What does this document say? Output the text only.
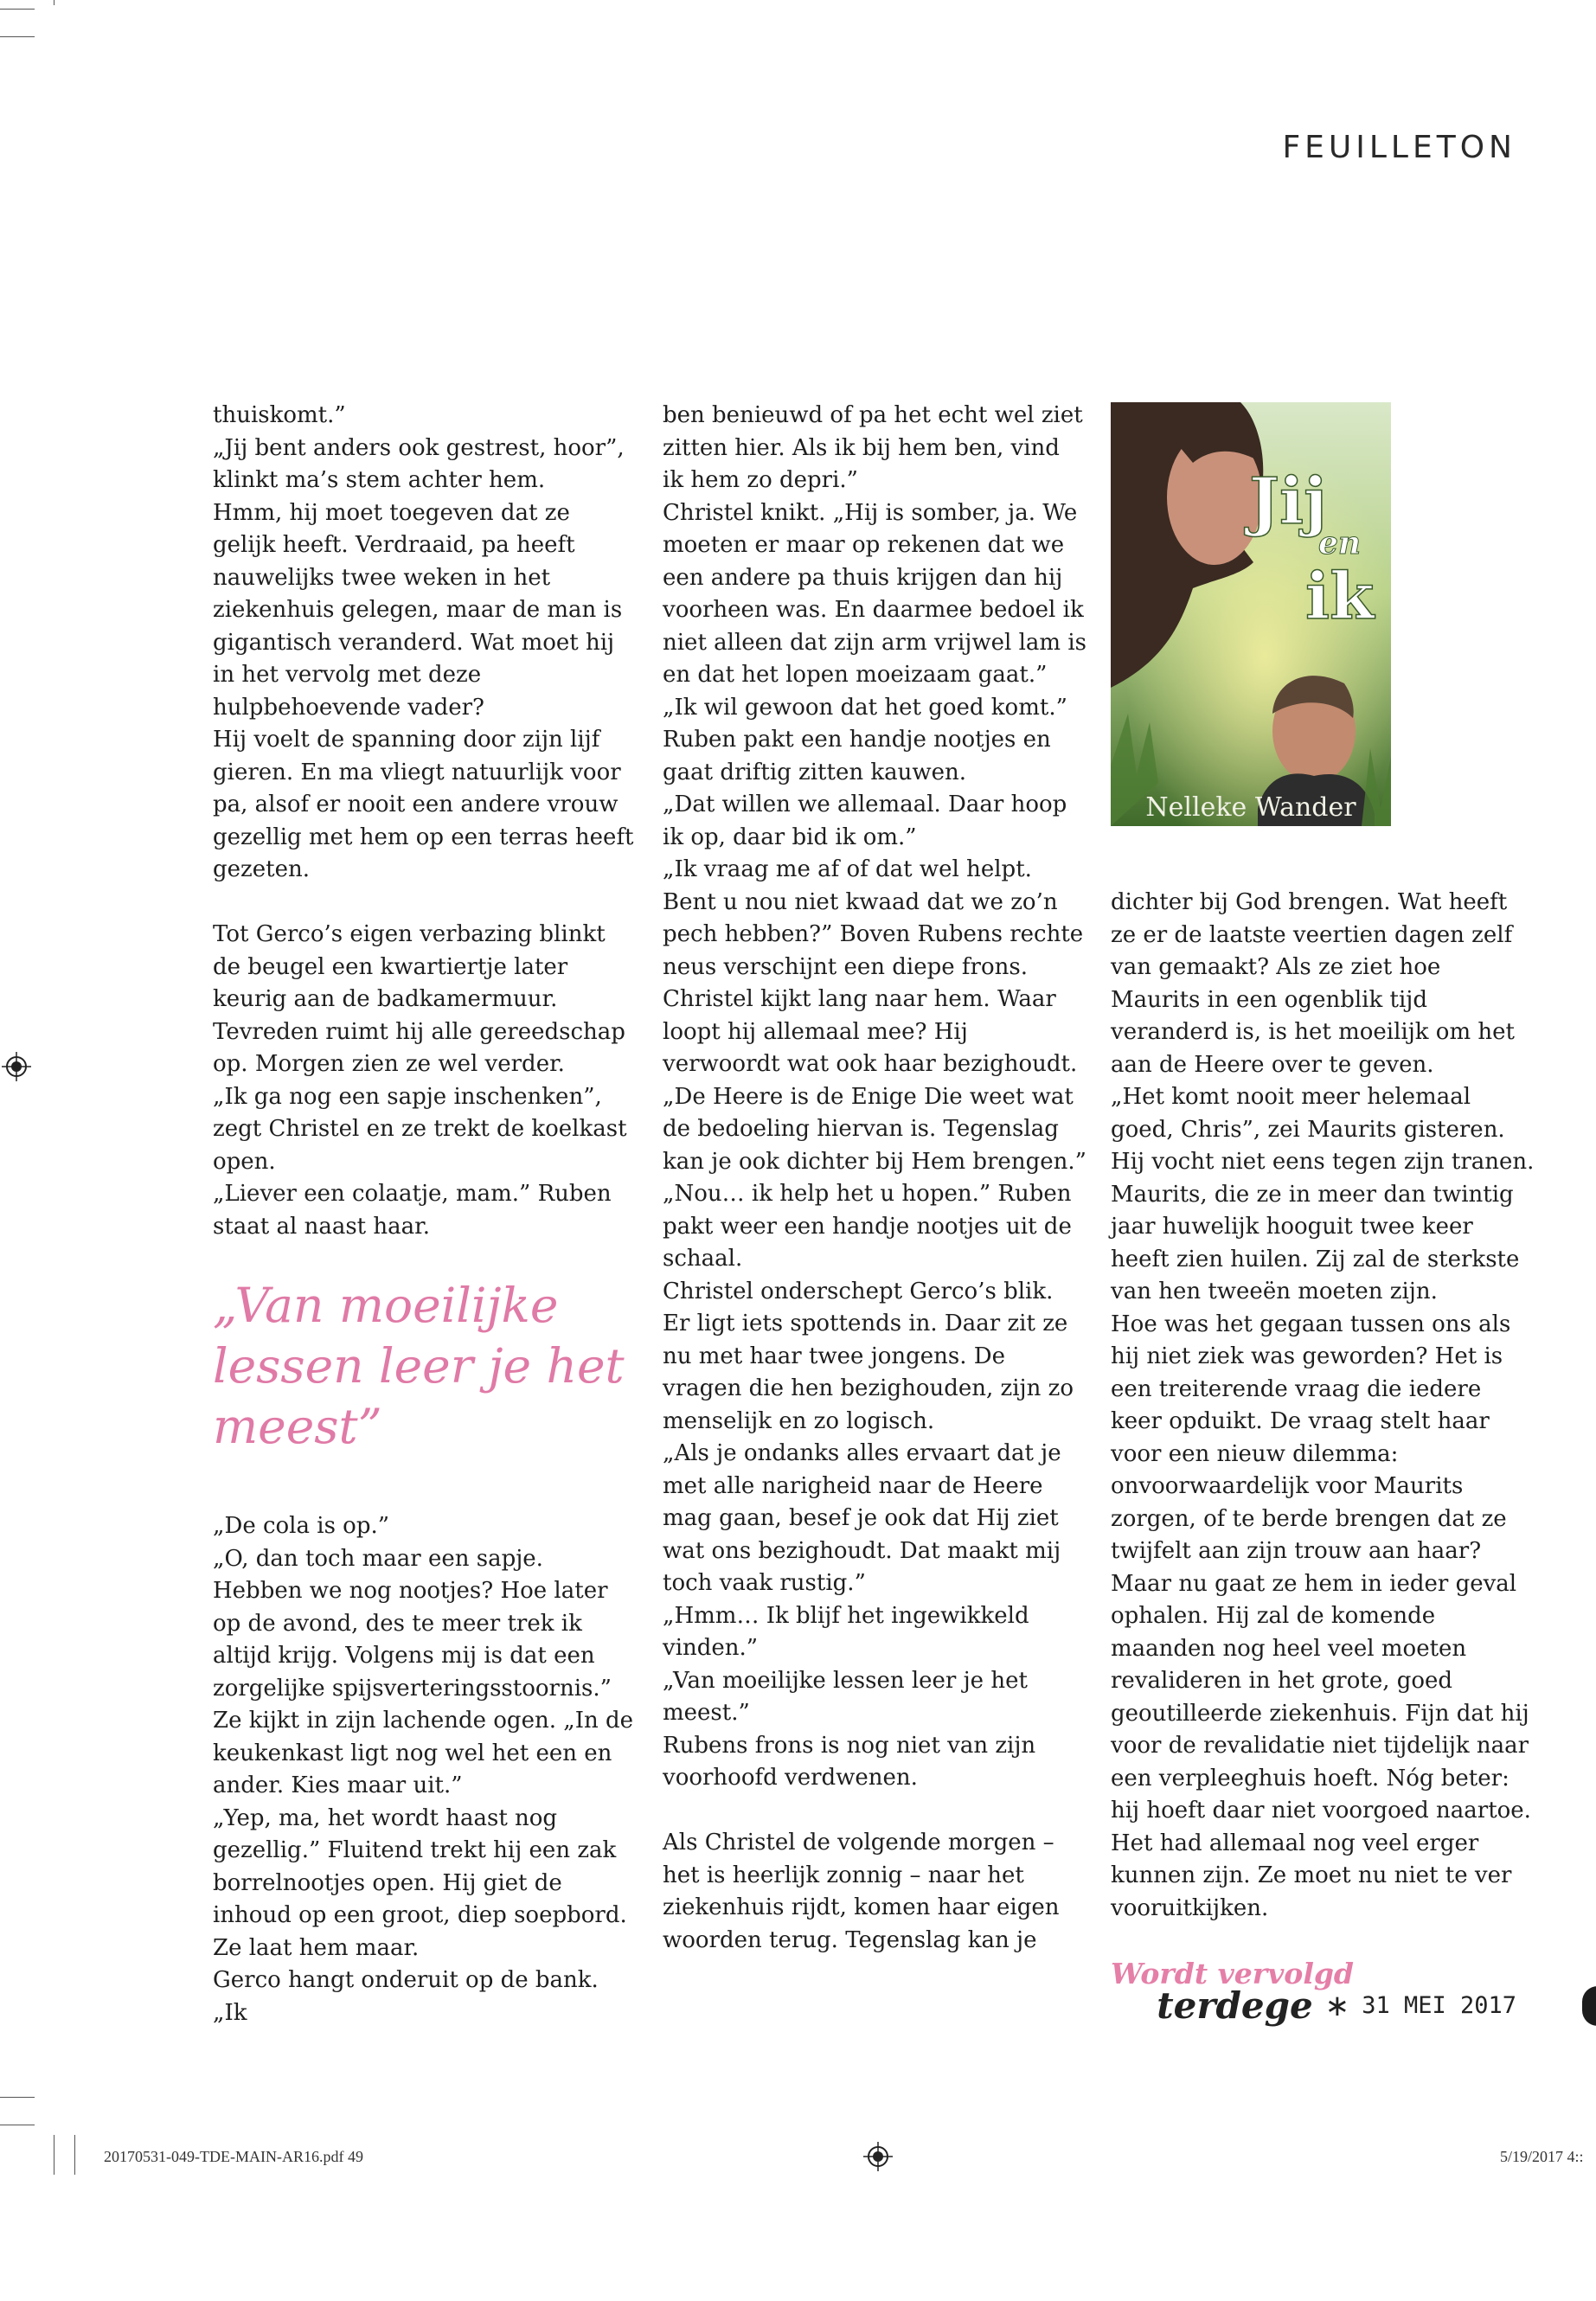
FEUILLETON

thuiskomt.”

„Jij bent anders ook gestrest, hoor”, klinkt ma’s stem achter hem.

Hmm, hij moet toegeven dat ze gelijk heeft. Verdraaid, pa heeft nauwelijks twee weken in het ziekenhuis gelegen, maar de man is gigantisch veranderd. Wat moet hij in het vervolg met deze hulpbehoevende vader?

Hij voelt de spanning door zijn lijf gieren. En ma vliegt natuurlijk voor pa, alsof er nooit een andere vrouw gezellig met hem op een terras heeft gezeten.

Tot Gerco’s eigen verbazing blinkt de beugel een kwartiertje later keurig aan de badkamermuur. Tevreden ruimt hij alle gereedschap op. Morgen zien ze wel verder.

„Ik ga nog een sapje inschenken”, zegt Christel en ze trekt de koelkast open.

„Liever een colaatje, mam.” Ruben staat al naast haar.

„Van moeilijke lessen leer je het meest”

„De cola is op.”

„O, dan toch maar een sapje. Hebben we nog nootjes? Hoe later op de avond, des te meer trek ik altijd krijg. Volgens mij is dat een zorgelijke spijsverteringsstoornis.”

Ze kijkt in zijn lachende ogen. „In de keukenkast ligt nog wel het een en ander. Kies maar uit.”

„Yep, ma, het wordt haast nog gezellig.” Fluitend trekt hij een zak borrelnootjes open. Hij giet de inhoud op een groot, diep soepbord. Ze laat hem maar.

Gerco hangt onderuit op de bank. „Ik

ben benieuwd of pa het echt wel ziet zitten hier. Als ik bij hem ben, vind ik hem zo depri.”

Christel knikt. „Hij is somber, ja. We moeten er maar op rekenen dat we een andere pa thuis krijgen dan hij voorheen was. En daarmee bedoel ik niet alleen dat zijn arm vrijwel lam is en dat het lopen moeizaam gaat.”

„Ik wil gewoon dat het goed komt.” Ruben pakt een handje nootjes en gaat driftig zitten kauwen.

„Dat willen we allemaal. Daar hoop ik op, daar bid ik om.”

„Ik vraag me af of dat wel helpt. Bent u nou niet kwaad dat we zo’n pech hebben?” Boven Rubens rechte neus verschijnt een diepe frons.

Christel kijkt lang naar hem. Waar loopt hij allemaal mee? Hij verwoordt wat ook haar bezighoudt. „De Heere is de Enige Die weet wat de bedoeling hiervan is. Tegenslag kan je ook dichter bij Hem brengen.”

„Nou… ik help het u hopen.” Ruben pakt weer een handje nootjes uit de schaal.

Christel onderschept Gerco’s blik. Er ligt iets spottends in. Daar zit ze nu met haar twee jongens. De vragen die hen bezighouden, zijn zo menselijk en zo logisch.

„Als je ondanks alles ervaart dat je met alle narigheid naar de Heere mag gaan, besef je ook dat Hij ziet wat ons bezighoudt. Dat maakt mij toch vaak rustig.”

„Hmm… Ik blijf het ingewikkeld vinden.”

„Van moeilijke lessen leer je het meest.”

Rubens frons is nog niet van zijn voorhoofd verdwenen.

Als Christel de volgende morgen – het is heerlijk zonnig – naar het ziekenhuis rijdt, komen haar eigen woorden terug. Tegenslag kan je

Jij
en
ik
Nelleke Wander

dichter bij God brengen. Wat heeft ze er de laatste veertien dagen zelf van gemaakt? Als ze ziet hoe Maurits in een ogenblik tijd veranderd is, is het moeilijk om het aan de Heere over te geven.

„Het komt nooit meer helemaal goed, Chris”, zei Maurits gisteren. Hij vocht niet eens tegen zijn tranen. Maurits, die ze in meer dan twintig jaar huwelijk hooguit twee keer heeft zien huilen. Zij zal de sterkste van hen tweeën moeten zijn.

Hoe was het gegaan tussen ons als hij niet ziek was geworden? Het is een treiterende vraag die iedere keer opduikt. De vraag stelt haar voor een nieuw dilemma: onvoorwaardelijk voor Maurits zorgen, of te berde brengen dat ze twijfelt aan zijn trouw aan haar?

Maar nu gaat ze hem in ieder geval ophalen. Hij zal de komende maanden nog heel veel moeten revalideren in het grote, goed geoutilleerde ziekenhuis. Fijn dat hij voor de revalidatie niet tijdelijk naar een verpleeghuis hoeft. Nóg beter: hij hoeft daar niet voorgoed naartoe. Het had allemaal nog veel erger kunnen zijn. Ze moet nu niet te ver vooruitkijken.

Wordt vervolgd
terdege ∗ 31 MEI 2017
20170531-049-TDE-MAIN-AR16.pdf 49	5/19/2017 4::
